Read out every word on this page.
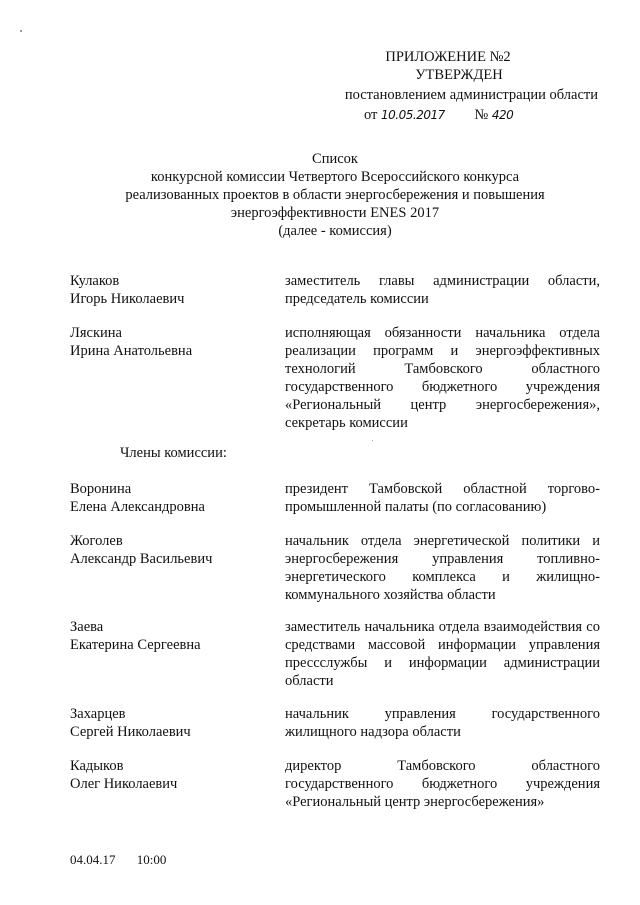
ПРИЛОЖЕНИЕ №2
УТВЕРЖДЕН
постановлением администрации области
от 10.05.2017 № 420
Список
конкурсной комиссии Четвертого Всероссийского конкурса
реализованных проектов в области энергосбережения и повышения
энергоэффективности ENES 2017
(далее - комиссия)
Кулаков
Игорь Николаевич
заместитель главы администрации области, председатель комиссии
Ляскина
Ирина Анатольевна
исполняющая обязанности начальника отдела реализации программ и энергоэффективных технологий Тамбовского областного государственного бюджетного учреждения «Региональный центр энергосбережения», секретарь комиссии
Члены комиссии:
Воронина
Елена Александровна
президент Тамбовской областной торгово-промышленной палаты (по согласованию)
Жоголев
Александр Васильевич
начальник отдела энергетической политики и энергосбережения управления топливно-энергетического комплекса и жилищно-коммунального хозяйства области
Заева
Екатерина Сергеевна
заместитель начальника отдела взаимодействия со средствами массовой информации управления прессслужбы и информации администрации области
Захарцев
Сергей Николаевич
начальник управления государственного жилищного надзора области
Кадыков
Олег Николаевич
директор Тамбовского областного государственного бюджетного учреждения «Региональный центр энергосбережения»
04.04.17 10:00
